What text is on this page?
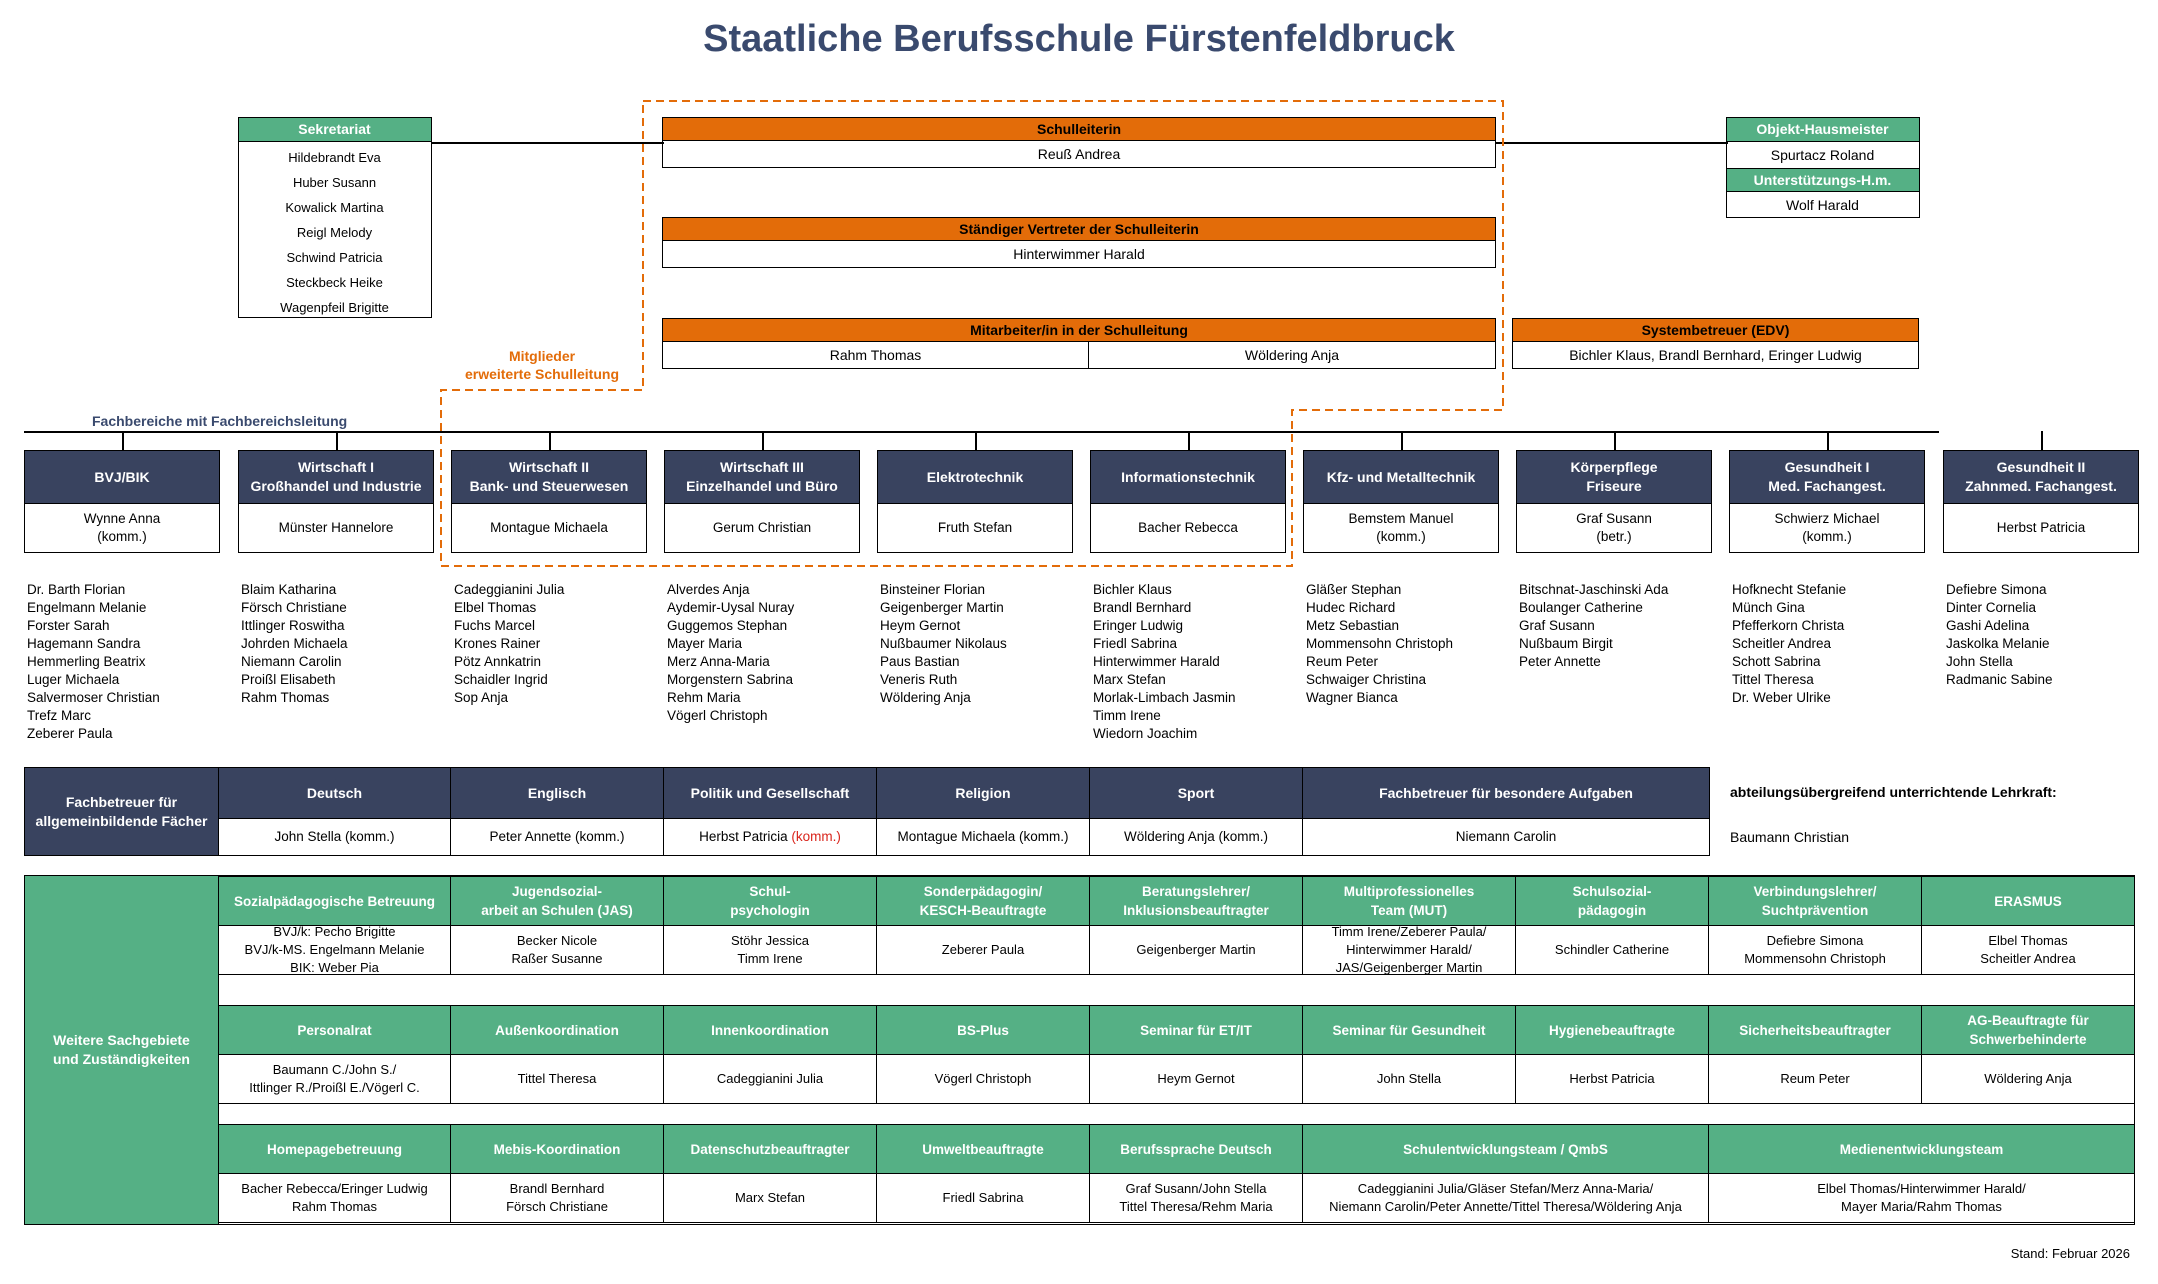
Staatliche Berufsschule Fürstenfeldbruck
Sekretariat
Hildebrandt Eva
Huber Susann
Kowalick Martina
Reigl Melody
Schwind Patricia
Steckbeck Heike
Wagenpfeil Brigitte
Schulleiterin
Reuß Andrea
Ständiger Vertreter der Schulleiterin
Hinterwimmer Harald
Mitarbeiter/in in der Schulleitung
Rahm Thomas	Wöldering Anja
Systembetreuer (EDV)
Bichler Klaus, Brandl Bernhard, Eringer Ludwig
Mitglieder
erweiterte Schulleitung
Objekt-Hausmeister
Spurtacz Roland
Unterstützungs-H.m.
Wolf Harald
Fachbereiche mit Fachbereichsleitung
BVJ/BIK
Wynne Anna
(komm.)
Dr. Barth Florian
Engelmann Melanie
Forster Sarah
Hagemann Sandra
Hemmerling Beatrix
Luger Michaela
Salvermoser Christian
Trefz Marc
Zeberer Paula
Wirtschaft I
Großhandel und Industrie
Münster Hannelore
Blaim Katharina
Försch Christiane
Ittlinger Roswitha
Johrden Michaela
Niemann Carolin
Proißl Elisabeth
Rahm Thomas
Wirtschaft II
Bank- und Steuerwesen
Montague Michaela
Cadeggianini Julia
Elbel Thomas
Fuchs Marcel
Krones Rainer
Pötz Annkatrin
Schaidler Ingrid
Sop Anja
Wirtschaft III
Einzelhandel und Büro
Gerum Christian
Alverdes Anja
Aydemir-Uysal Nuray
Guggemos Stephan
Mayer Maria
Merz Anna-Maria
Morgenstern Sabrina
Rehm Maria
Vögerl Christoph
Elektrotechnik
Fruth Stefan
Binsteiner Florian
Geigenberger Martin
Heym Gernot
Nußbaumer Nikolaus
Paus Bastian
Veneris Ruth
Wöldering Anja
Informationstechnik
Bacher Rebecca
Bichler Klaus
Brandl Bernhard
Eringer Ludwig
Friedl Sabrina
Hinterwimmer Harald
Marx Stefan
Morlak-Limbach Jasmin
Timm Irene
Wiedorn Joachim
Kfz- und Metalltechnik
Bemstem Manuel
(komm.)
Gläßer Stephan
Hudec Richard
Metz Sebastian
Mommensohn Christoph
Reum Peter
Schwaiger Christina
Wagner Bianca
Körperpflege
Friseure
Graf Susann
(betr.)
Bitschnat-Jaschinski Ada
Boulanger Catherine
Graf Susann
Nußbaum Birgit
Peter Annette
Gesundheit I
Med. Fachangest.
Schwierz Michael
(komm.)
Hofknecht Stefanie
Münch Gina
Pfefferkorn Christa
Scheitler Andrea
Schott Sabrina
Tittel Theresa
Dr. Weber Ulrike
Gesundheit II
Zahnmed. Fachangest.
Herbst Patricia
Defiebre Simona
Dinter Cornelia
Gashi Adelina
Jaskolka Melanie
John Stella
Radmanic Sabine
Fachbetreuer für
allgemeinbildende Fächer
Deutsch
John Stella (komm.)
Englisch
Peter Annette (komm.)
Politik und Gesellschaft
Herbst Patricia (komm.)
Religion
Montague Michaela (komm.)
Sport
Wöldering Anja (komm.)
Fachbetreuer für besondere Aufgaben
Niemann Carolin
abteilungsübergreifend unterrichtende Lehrkraft:
Baumann Christian
Weitere Sachgebiete
und Zuständigkeiten
Sozialpädagogische Betreuung
BVJ/k: Pecho Brigitte
BVJ/k-MS. Engelmann Melanie
BIK: Weber Pia
Jugendsozial-
arbeit an Schulen (JAS)
Becker Nicole
Raßer Susanne
Schul-
psychologin
Stöhr Jessica
Timm Irene
Sonderpädagogin/
KESCH-Beauftragte
Zeberer Paula
Beratungslehrer/
Inklusionsbeauftragter
Geigenberger Martin
Multiprofessionelles
Team (MUT)
Timm Irene/Zeberer Paula/
Hinterwimmer Harald/
JAS/Geigenberger Martin
Schulsozial-
pädagogin
Schindler Catherine
Verbindungslehrer/
Suchtprävention
Defiebre Simona
Mommensohn Christoph
ERASMUS
Elbel Thomas
Scheitler Andrea
Personalrat
Baumann C./John S./
Ittlinger R./Proißl E./Vögerl C.
Außenkoordination
Tittel Theresa
Innenkoordination
Cadeggianini Julia
BS-Plus
Vögerl Christoph
Seminar für ET/IT
Heym Gernot
Seminar für Gesundheit
John Stella
Hygienebeauftragte
Herbst Patricia
Sicherheitsbeauftragter
Reum Peter
AG-Beauftragte für
Schwerbehinderte
Wöldering Anja
Homepagebetreuung
Bacher Rebecca/Eringer Ludwig
Rahm Thomas
Mebis-Koordination
Brandl Bernhard
Försch Christiane
Datenschutzbeauftragter
Marx Stefan
Umweltbeauftragte
Friedl Sabrina
Berufssprache Deutsch
Graf Susann/John Stella
Tittel Theresa/Rehm Maria
Schulentwicklungsteam / QmbS
Cadeggianini Julia/Gläser Stefan/Merz Anna-Maria/
Niemann Carolin/Peter Annette/Tittel Theresa/Wöldering Anja
Medienentwicklungsteam
Elbel Thomas/Hinterwimmer Harald/
Mayer Maria/Rahm Thomas
Stand: Februar 2026
